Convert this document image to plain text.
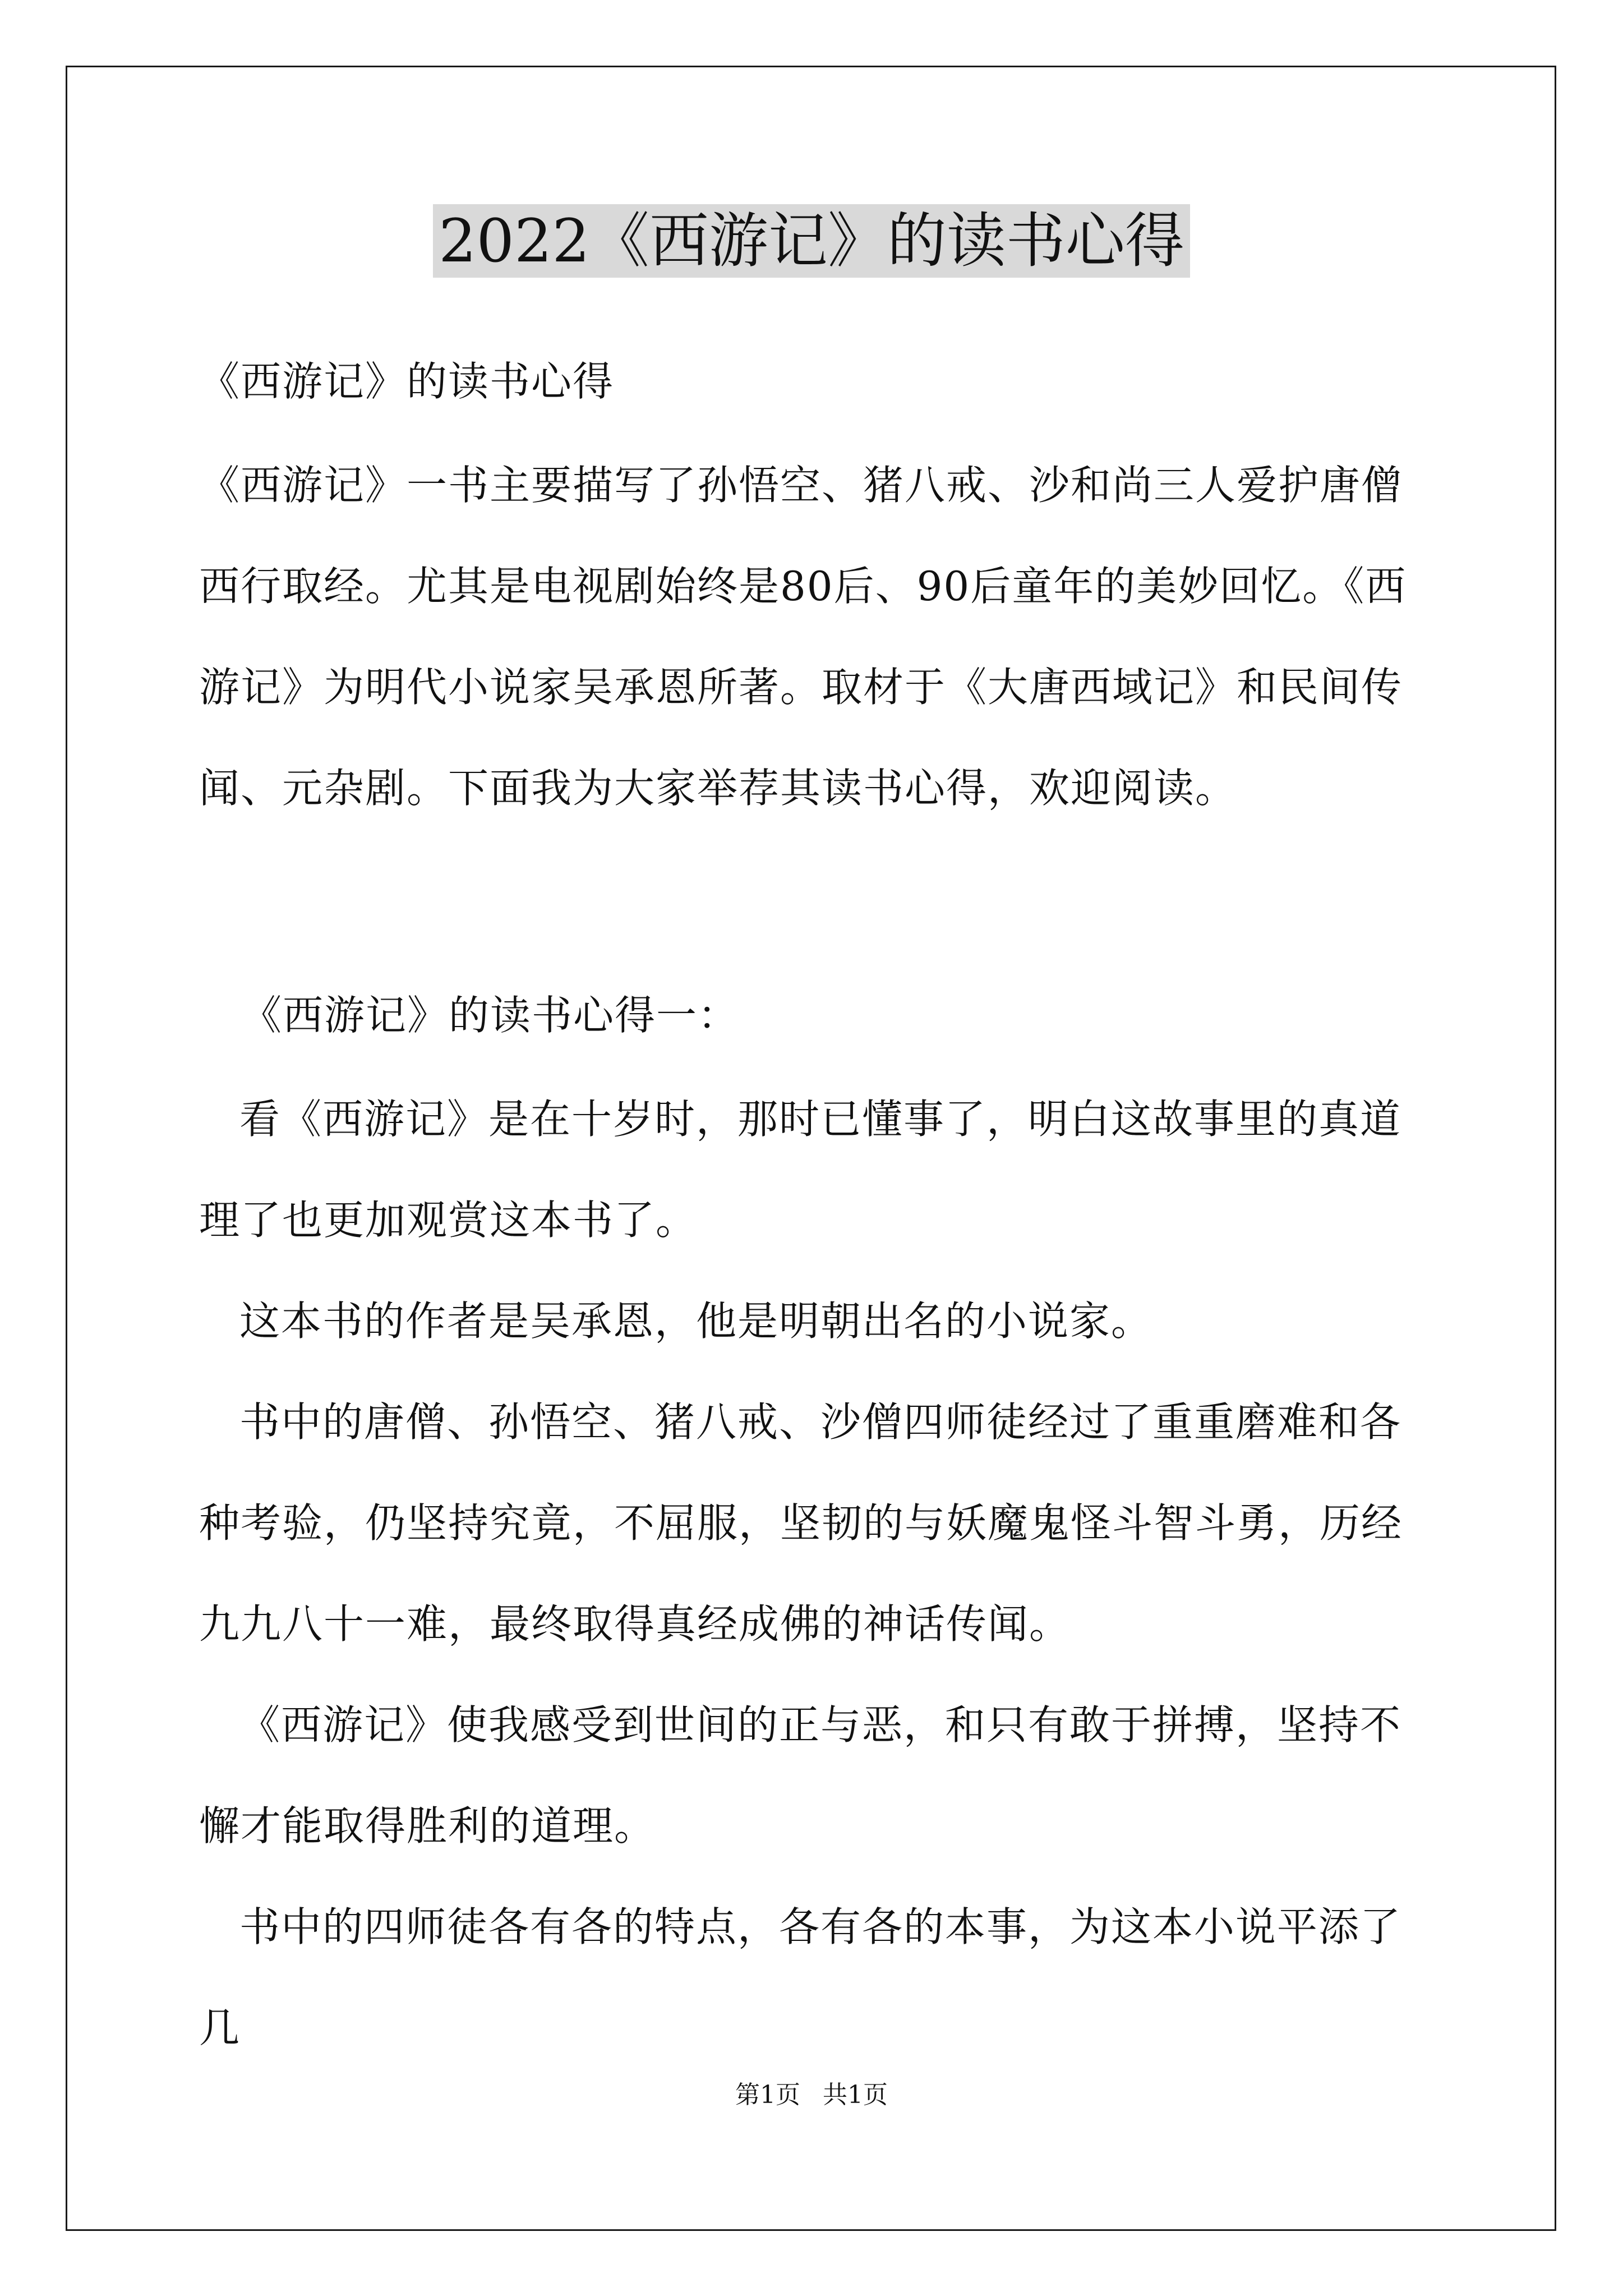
2022《西游记》的读书心得

《西游记》的读书心得

《西游记》一书主要描写了孙悟空、猪八戒、沙和尚三人爱护唐僧西行取经。尤其是电视剧始终是80后、90后童年的美妙回忆。《西游记》为明代小说家吴承恩所著。取材于《大唐西域记》和民间传闻、元杂剧。下面我为大家举荐其读书心得，欢迎阅读。

《西游记》的读书心得一：

看《西游记》是在十岁时，那时已懂事了，明白这故事里的真道理了也更加观赏这本书了。

这本书的作者是吴承恩，他是明朝出名的小说家。

书中的唐僧、孙悟空、猪八戒、沙僧四师徒经过了重重磨难和各种考验，仍坚持究竟，不屈服，坚韧的与妖魔鬼怪斗智斗勇，历经九九八十一难，最终取得真经成佛的神话传闻。

《西游记》使我感受到世间的正与恶，和只有敢于拼搏，坚持不懈才能取得胜利的道理。

书中的四师徒各有各的特点，各有各的本事，为这本小说平添了几

第1页 共1页
